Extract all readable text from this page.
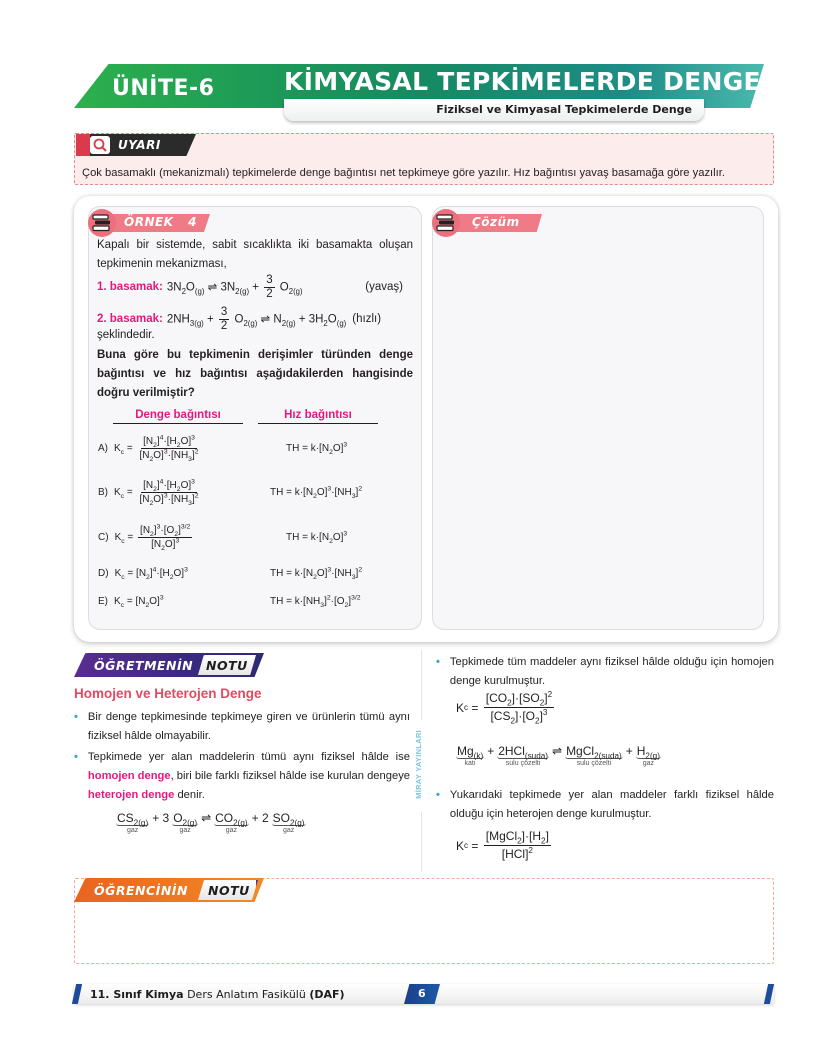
ÜNİTE-6	KİMYASAL TEPKİMELERDE DENGE
Fiziksel ve Kimyasal Tepkimelerde Denge
UYARI
Çok basamaklı (mekanizmalı) tepkimelerde denge bağıntısı net tepkimeye göre yazılır. Hız bağıntısı yavaş basamağa göre yazılır.
ÖRNEK 4	Çözüm
Kapalı bir sistemde, sabit sıcaklıkta iki basamakta oluşan tepkimenin mekanizması,
1. basamak: $3N_2O_{(g)}$ ⇌ $3N_{2(g)} + \frac{3}{2} O_{2(g)}$	(yavaş)
2. basamak: $2NH_{3(g)} + \frac{3}{2} O_{2(g)}$ ⇌ $N_{2(g)} + 3H_2O_{(g)}$ (hızlı)
şeklindedir.
Buna göre bu tepkimenin derişimler türünden denge bağıntısı ve hız bağıntısı aşağıdakilerden hangisinde doğru verilmiştir?
Denge bağıntısı	Hız bağıntısı
A) $K_c = \frac{[N_2]^4\cdot[H_2O]^3}{[N_2O]^3\cdot[NH_3]^2}$	TH = $k\cdot[N_2O]^3$
B) $K_c = \frac{[N_2]^4\cdot[H_2O]^3}{[N_2O]^3\cdot[NH_3]^2}$	TH = $k\cdot[N_2O]^3\cdot[NH_3]^2$
C) $K_c = \frac{[N_2]^3\cdot[O_2]^{3/2}}{[N_2O]^3}$	TH = $k\cdot[N_2O]^3$
D) $K_c = [N_2]^4\cdot[H_2O]^3$	TH = $k\cdot[N_2O]^3\cdot[NH_3]^2$
E) $K_c = [N_2O]^3$	TH = $k\cdot[NH_3]^2\cdot[O_2]^{3/2}$
ÖĞRETMENİN NOTU
Homojen ve Heterojen Denge
• Bir denge tepkimesinde tepkimeye giren ve ürünlerin tümü aynı fiziksel hâlde olmayabilir.
• Tepkimede yer alan maddelerin tümü aynı fiziksel hâlde ise homojen denge, biri bile farklı fiziksel hâlde ise kurulan dengeye heterojen denge denir.
$CS_{2(g)}$
gaz
+ 3 $O_{2(g)}$
gaz
⇌ $CO_{2(g)}$
gaz
+ 2 $SO_{2(g)}$
gaz
MİRAY YAYINLARI
• Tepkimede tüm maddeler aynı fiziksel hâlde olduğu için homojen denge kurulmuştur.
K $c = \frac{[CO_2]\cdot[SO_2]^2}{[CS_2]\cdot[O_2]^3}$
$Mg_{(k)}$
katı
+ 2HCl$_{(suda)}$
sulu çözelti
⇌ MgCl$_{2(suda)}$
sulu çözelti
+ $H_{2(g)}$
gaz
• Yukarıdaki tepkimede yer alan maddeler farklı fiziksel hâlde olduğu için heterojen denge kurulmuştur.
K $c = \frac{[MgCl_2]\cdot[H_2]}{[HCl]^2}$
ÖĞRENCİNİN NOTU
11. Sınıf Kimya Ders Anlatım Fasikülü (DAF)	6
